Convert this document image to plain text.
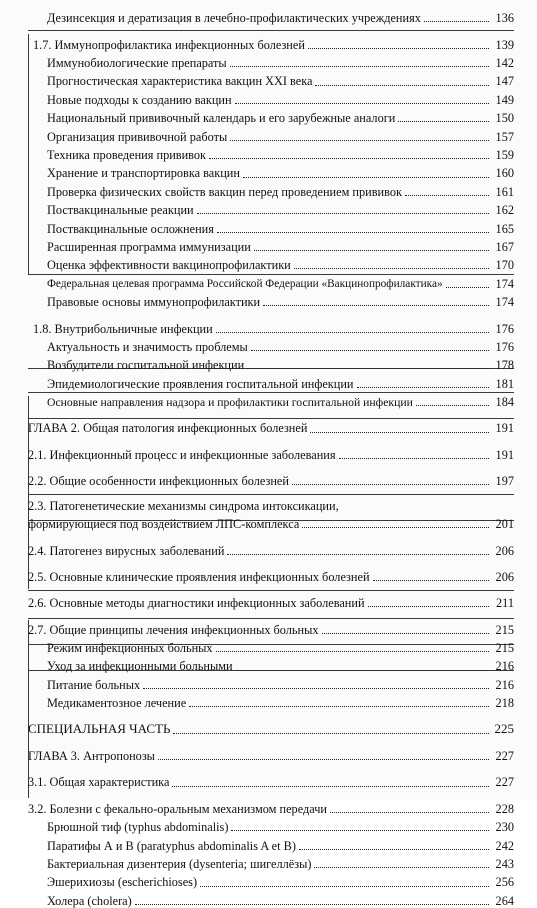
Дезинсекция и дератизация в лечебно-профилактических учреждениях	136
1.7. Иммунопрофилактика инфекционных болезней	139
Иммунобиологические препараты	142
Прогностическая характеристика вакцин XXI века	147
Новые подходы к созданию вакцин	149
Национальный прививочный календарь и его зарубежные аналоги	150
Организация прививочной работы	157
Техника проведения прививок	159
Хранение и транспортировка вакцин	160
Проверка физических свойств вакцин перед проведением прививок	161
Поствакцинальные реакции	162
Поствакцинальные осложнения	165
Расширенная программа иммунизации	167
Оценка эффективности вакцинопрофилактики	170
Федеральная целевая программа Российской Федерации «Вакцинопрофилактика»	174
Правовые основы иммунопрофилактики	174
1.8. Внутрибольничные инфекции	176
Актуальность и значимость проблемы	176
Возбудители госпитальной инфекции	178
Эпидемиологические проявления госпитальной инфекции	181
Основные направления надзора и профилактики госпитальной инфекции	184
ГЛАВА 2. Общая патология инфекционных болезней	191
2.1. Инфекционный процесс и инфекционные заболевания	191
2.2. Общие особенности инфекционных болезней	197
2.3. Патогенетические механизмы синдрома интоксикации,
формирующиеся под воздействием ЛПС-комплекса	201
2.4. Патогенез вирусных заболеваний	206
2.5. Основные клинические проявления инфекционных болезней	206
2.6. Основные методы диагностики инфекционных заболеваний	211
2.7. Общие принципы лечения инфекционных больных	215
Режим инфекционных больных	215
Уход за инфекционными больными	216
Питание больных	216
Медикаментозное лечение	218
СПЕЦИАЛЬНАЯ ЧАСТЬ	225
ГЛАВА 3. Антропонозы	227
3.1. Общая характеристика	227
3.2. Болезни с фекально-оральным механизмом передачи	228
Брюшной тиф (typhus abdominalis)	230
Паратифы А и В (paratyphus abdominalis A et B)	242
Бактериальная дизентерия (dysenteria; шигеллёзы)	243
Эшерихиозы (escherichioses)	256
Холера (cholera)	264
